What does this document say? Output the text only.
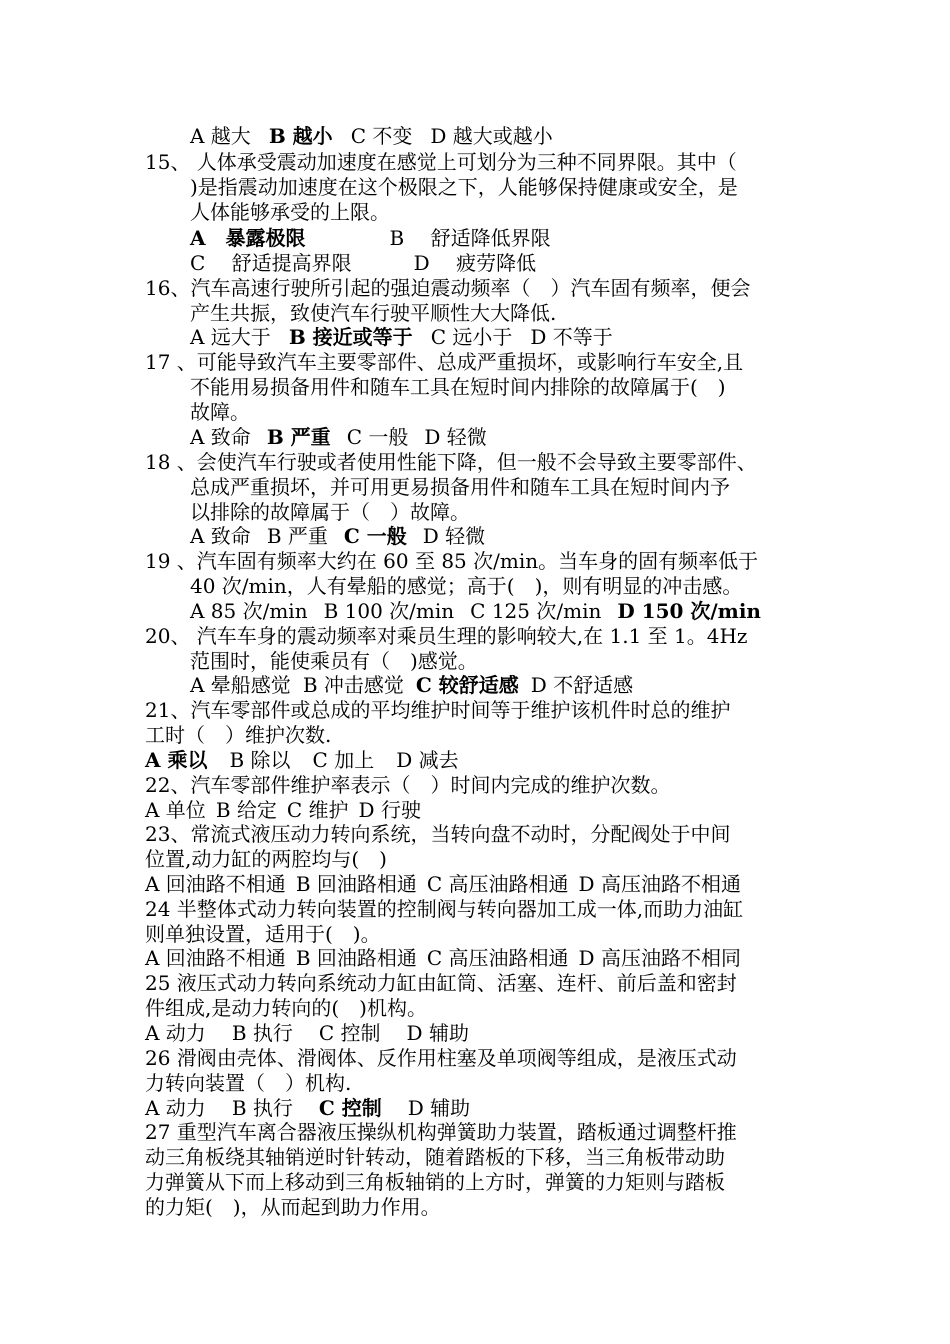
A 越大 B 越小 C 不变 D 越大或越小
15、 人体承受震动加速度在感觉上可划分为三种不同界限。其中（
)是指震动加速度在这个极限之下，人能够保持健康或安全，是
人体能够承受的上限。
A　暴露极限	B　 舒适降低界限
C　 舒适提高界限	D　 疲劳降低
16、汽车高速行驶所引起的强迫震动频率（　）汽车固有频率，便会
产生共振，致使汽车行驶平顺性大大降低.
A 远大于 B 接近或等于 C 远小于 D 不等于
17 、可能导致汽车主要零部件、总成严重损坏，或影响行车安全,且
不能用易损备用件和随车工具在短时间内排除的故障属于(　)
故障。
A 致命 B 严重 C 一般 D 轻微
18 、会使汽车行驶或者使用性能下降，但一般不会导致主要零部件、
总成严重损坏，并可用更易损备用件和随车工具在短时间内予
以排除的故障属于（　）故障。
A 致命 B 严重 C 一般 D 轻微
19 、汽车固有频率大约在 60 至 85 次/min。当车身的固有频率低于
40 次/min，人有晕船的感觉；高于(　)，则有明显的冲击感。
A 85 次/min B 100 次/min C 125 次/min D 150 次/min
20、 汽车车身的震动频率对乘员生理的影响较大,在 1.1 至 1。4Hz
范围时，能使乘员有（　)感觉。
A 晕船感觉 B 冲击感觉 C 较舒适感 D 不舒适感
21、汽车零部件或总成的平均维护时间等于维护该机件时总的维护
工时（　）维护次数.
A 乘以 B 除以 C 加上 D 减去
22、汽车零部件维护率表示（　）时间内完成的维护次数。
A 单位 B 给定 C 维护 D 行驶
23、常流式液压动力转向系统，当转向盘不动时，分配阀处于中间
位置,动力缸的两腔均与(　)
A 回油路不相通 B 回油路相通 C 高压油路相通 D 高压油路不相通
24 半整体式动力转向装置的控制阀与转向器加工成一体,而助力油缸
则单独设置，适用于(　)。
A 回油路不相通 B 回油路相通 C 高压油路相通 D 高压油路不相同
25 液压式动力转向系统动力缸由缸筒、活塞、连杆、前后盖和密封
件组成,是动力转向的(　)机构。
A 动力 B 执行 C 控制 D 辅助
26 滑阀由壳体、滑阀体、反作用柱塞及单项阀等组成，是液压式动
力转向装置（　）机构.
A 动力 B 执行 C 控制 D 辅助
27 重型汽车离合器液压操纵机构弹簧助力装置，踏板通过调整杆推
动三角板绕其轴销逆时针转动，随着踏板的下移，当三角板带动助
力弹簧从下而上移动到三角板轴销的上方时，弹簧的力矩则与踏板
的力矩(　)，从而起到助力作用。
